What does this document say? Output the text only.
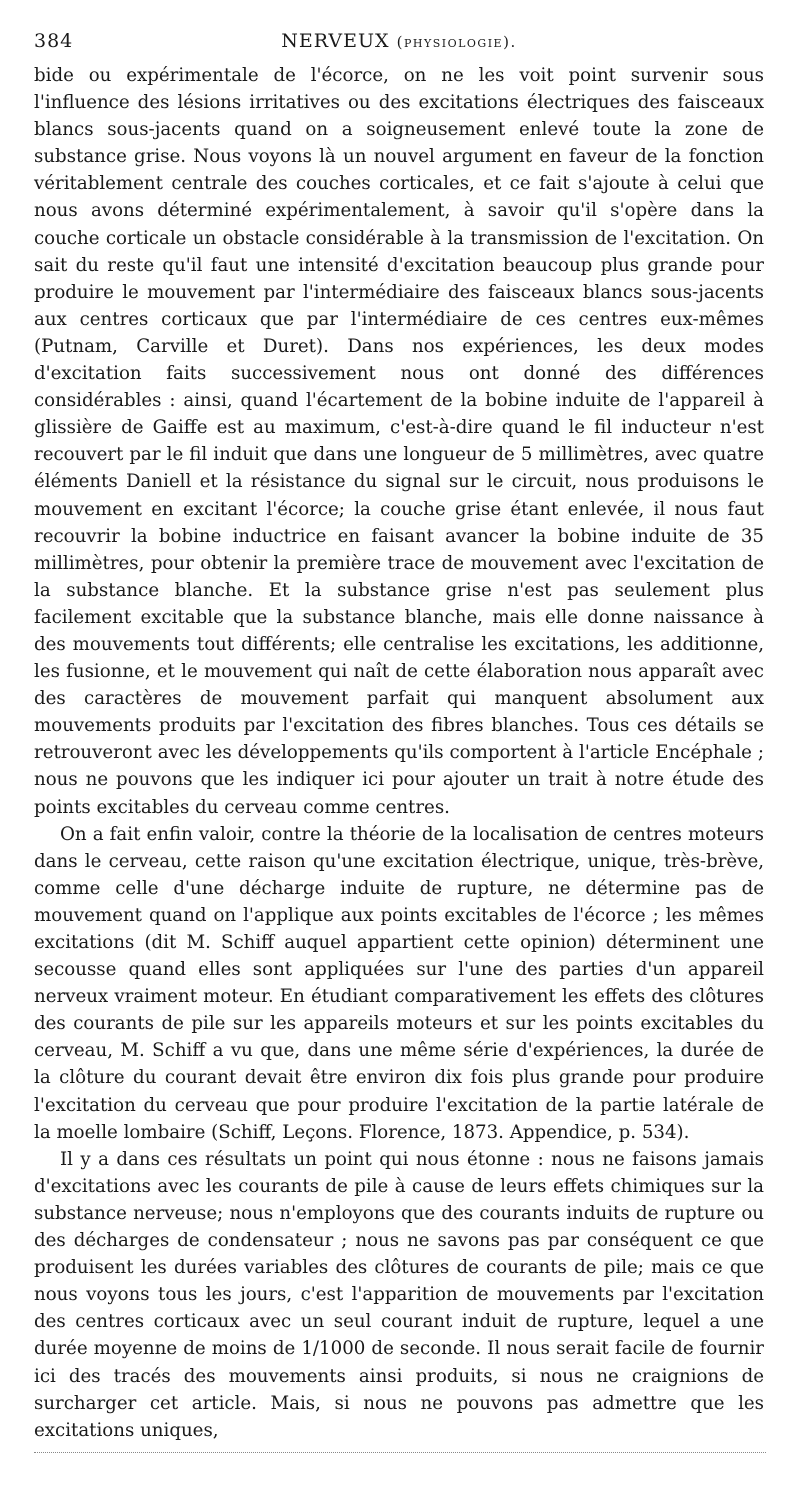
384	NERVEUX (physiologie).

bide ou expérimentale de l'écorce, on ne les voit point survenir sous l'influence des lésions irritatives ou des excitations électriques des faisceaux blancs sous-jacents quand on a soigneusement enlevé toute la zone de substance grise. Nous voyons là un nouvel argument en faveur de la fonction véritablement centrale des couches corticales, et ce fait s'ajoute à celui que nous avons déterminé expérimentalement, à savoir qu'il s'opère dans la couche corticale un obstacle considérable à la transmission de l'excitation. On sait du reste qu'il faut une intensité d'excitation beaucoup plus grande pour produire le mouvement par l'intermédiaire des faisceaux blancs sous-jacents aux centres corticaux que par l'intermédiaire de ces centres eux-mêmes (Putnam, Carville et Duret). Dans nos expériences, les deux modes d'excitation faits successivement nous ont donné des différences considérables : ainsi, quand l'écartement de la bobine induite de l'appareil à glissière de Gaiffe est au maximum, c'est-à-dire quand le fil inducteur n'est recouvert par le fil induit que dans une longueur de 5 millimètres, avec quatre éléments Daniell et la résistance du signal sur le circuit, nous produisons le mouvement en excitant l'écorce; la couche grise étant enlevée, il nous faut recouvrir la bobine inductrice en faisant avancer la bobine induite de 35 millimètres, pour obtenir la première trace de mouvement avec l'excitation de la substance blanche. Et la substance grise n'est pas seulement plus facilement excitable que la substance blanche, mais elle donne naissance à des mouvements tout différents; elle centralise les excitations, les additionne, les fusionne, et le mouvement qui naît de cette élaboration nous apparaît avec des caractères de mouvement parfait qui manquent absolument aux mouvements produits par l'excitation des fibres blanches. Tous ces détails se retrouveront avec les développements qu'ils comportent à l'article Encéphale ; nous ne pouvons que les indiquer ici pour ajouter un trait à notre étude des points excitables du cerveau comme centres.

On a fait enfin valoir, contre la théorie de la localisation de centres moteurs dans le cerveau, cette raison qu'une excitation électrique, unique, très-brève, comme celle d'une décharge induite de rupture, ne détermine pas de mouvement quand on l'applique aux points excitables de l'écorce ; les mêmes excitations (dit M. Schiff auquel appartient cette opinion) déterminent une secousse quand elles sont appliquées sur l'une des parties d'un appareil nerveux vraiment moteur. En étudiant comparativement les effets des clôtures des courants de pile sur les appareils moteurs et sur les points excitables du cerveau, M. Schiff a vu que, dans une même série d'expériences, la durée de la clôture du courant devait être environ dix fois plus grande pour produire l'excitation du cerveau que pour produire l'excitation de la partie latérale de la moelle lombaire (Schiff, Leçons. Florence, 1873. Appendice, p. 534).

Il y a dans ces résultats un point qui nous étonne : nous ne faisons jamais d'excitations avec les courants de pile à cause de leurs effets chimiques sur la substance nerveuse; nous n'employons que des courants induits de rupture ou des décharges de condensateur ; nous ne savons pas par conséquent ce que produisent les durées variables des clôtures de courants de pile; mais ce que nous voyons tous les jours, c'est l'apparition de mouvements par l'excitation des centres corticaux avec un seul courant induit de rupture, lequel a une durée moyenne de moins de 1/1000 de seconde. Il nous serait facile de fournir ici des tracés des mouvements ainsi produits, si nous ne craignions de surcharger cet article. Mais, si nous ne pouvons pas admettre que les excitations uniques,
